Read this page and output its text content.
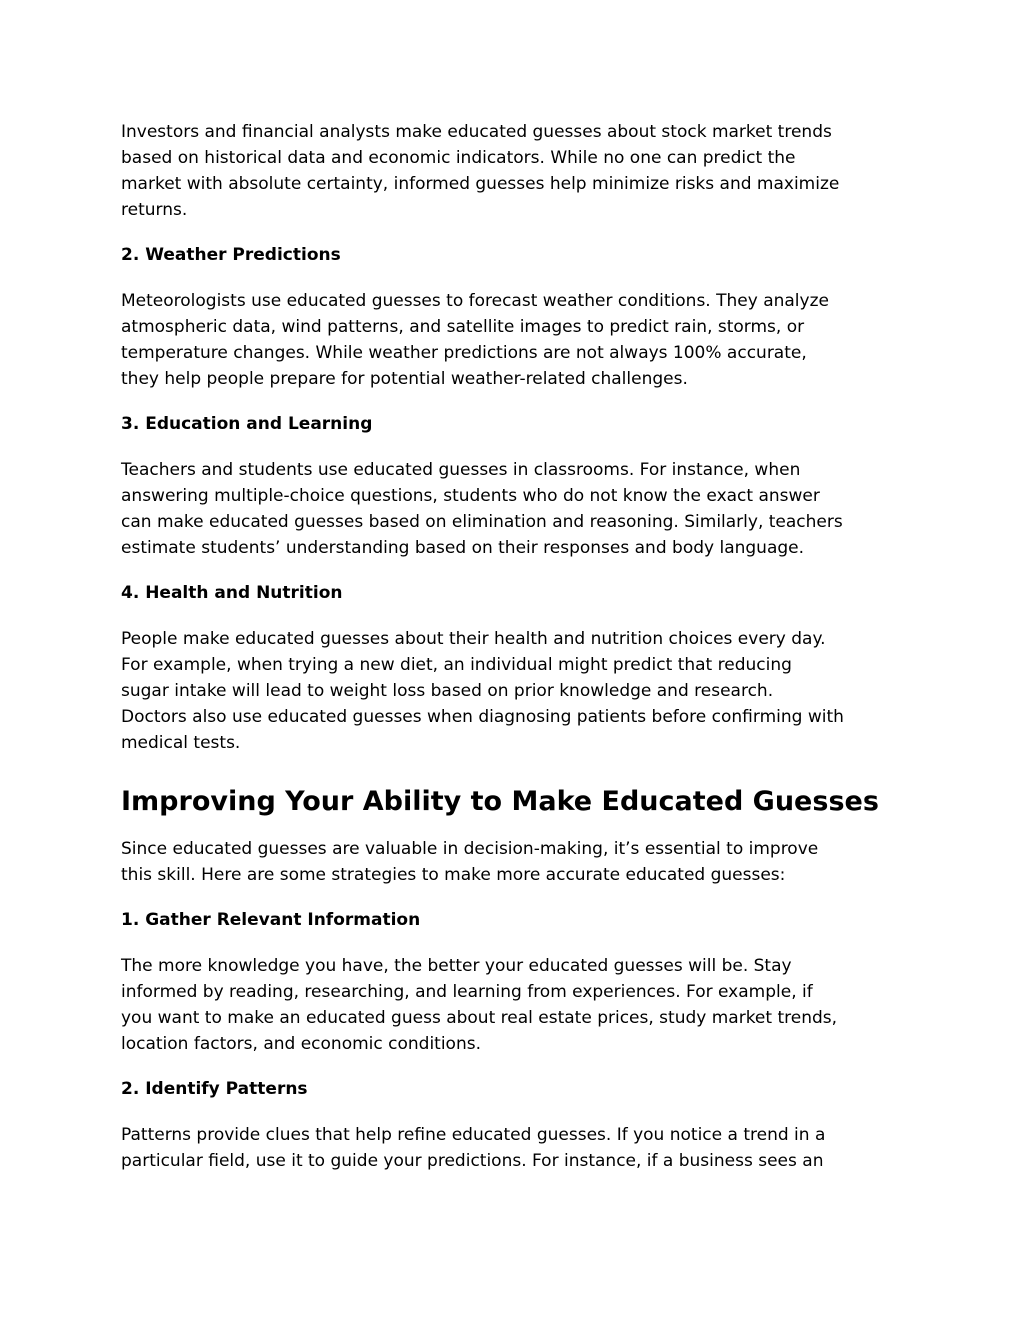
Investors and financial analysts make educated guesses about stock market trends
based on historical data and economic indicators. While no one can predict the
market with absolute certainty, informed guesses help minimize risks and maximize
returns.

2. Weather Predictions

Meteorologists use educated guesses to forecast weather conditions. They analyze
atmospheric data, wind patterns, and satellite images to predict rain, storms, or
temperature changes. While weather predictions are not always 100% accurate,
they help people prepare for potential weather-related challenges.

3. Education and Learning

Teachers and students use educated guesses in classrooms. For instance, when
answering multiple-choice questions, students who do not know the exact answer
can make educated guesses based on elimination and reasoning. Similarly, teachers
estimate students’ understanding based on their responses and body language.

4. Health and Nutrition

People make educated guesses about their health and nutrition choices every day.
For example, when trying a new diet, an individual might predict that reducing
sugar intake will lead to weight loss based on prior knowledge and research.
Doctors also use educated guesses when diagnosing patients before confirming with
medical tests.

Improving Your Ability to Make Educated Guesses

Since educated guesses are valuable in decision-making, it’s essential to improve
this skill. Here are some strategies to make more accurate educated guesses:

1. Gather Relevant Information

The more knowledge you have, the better your educated guesses will be. Stay
informed by reading, researching, and learning from experiences. For example, if
you want to make an educated guess about real estate prices, study market trends,
location factors, and economic conditions.

2. Identify Patterns

Patterns provide clues that help refine educated guesses. If you notice a trend in a
particular field, use it to guide your predictions. For instance, if a business sees an
